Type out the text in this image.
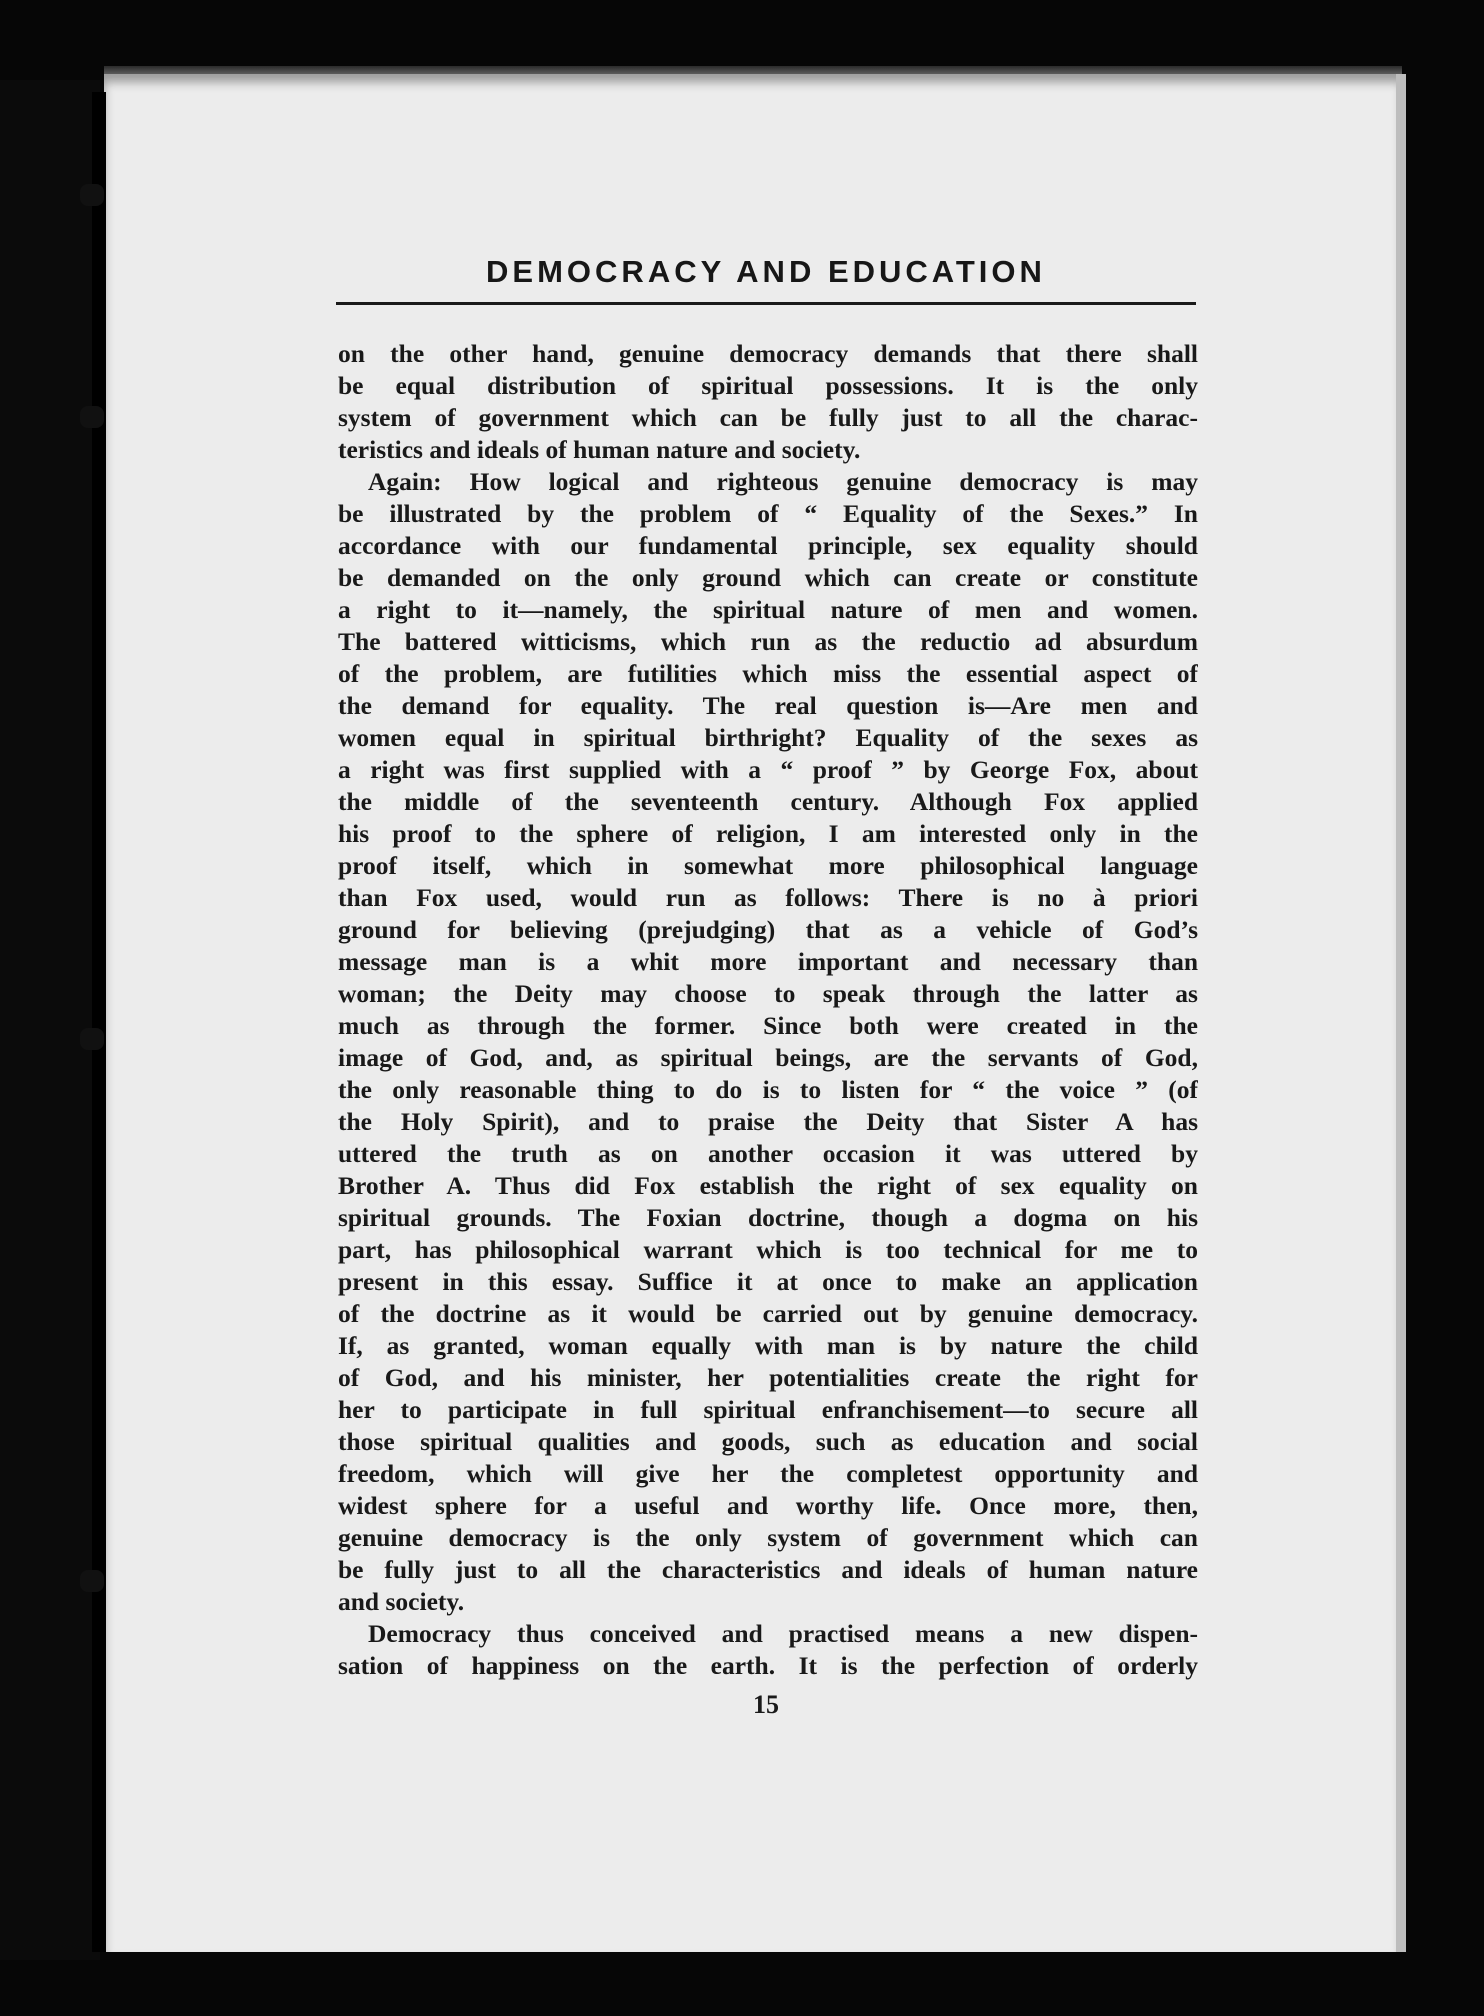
DEMOCRACY AND EDUCATION
on the other hand, genuine democracy demands that there shall
be equal distribution of spiritual possessions. It is the only
system of government which can be fully just to all the charac-
teristics and ideals of human nature and society.
Again: How logical and righteous genuine democracy is may
be illustrated by the problem of “ Equality of the Sexes.” In
accordance with our fundamental principle, sex equality should
be demanded on the only ground which can create or constitute
a right to it—namely, the spiritual nature of men and women.
The battered witticisms, which run as the reductio ad absurdum
of the problem, are futilities which miss the essential aspect of
the demand for equality. The real question is—Are men and
women equal in spiritual birthright? Equality of the sexes as
a right was first supplied with a “ proof ” by George Fox, about
the middle of the seventeenth century. Although Fox applied
his proof to the sphere of religion, I am interested only in the
proof itself, which in somewhat more philosophical language
than Fox used, would run as follows: There is no à priori
ground for believing (prejudging) that as a vehicle of God’s
message man is a whit more important and necessary than
woman; the Deity may choose to speak through the latter as
much as through the former. Since both were created in the
image of God, and, as spiritual beings, are the servants of God,
the only reasonable thing to do is to listen for “ the voice ” (of
the Holy Spirit), and to praise the Deity that Sister A has
uttered the truth as on another occasion it was uttered by
Brother A. Thus did Fox establish the right of sex equality on
spiritual grounds. The Foxian doctrine, though a dogma on his
part, has philosophical warrant which is too technical for me to
present in this essay. Suffice it at once to make an application
of the doctrine as it would be carried out by genuine democracy.
If, as granted, woman equally with man is by nature the child
of God, and his minister, her potentialities create the right for
her to participate in full spiritual enfranchisement—to secure all
those spiritual qualities and goods, such as education and social
freedom, which will give her the completest opportunity and
widest sphere for a useful and worthy life. Once more, then,
genuine democracy is the only system of government which can
be fully just to all the characteristics and ideals of human nature
and society.
Democracy thus conceived and practised means a new dispen-
sation of happiness on the earth. It is the perfection of orderly
15
